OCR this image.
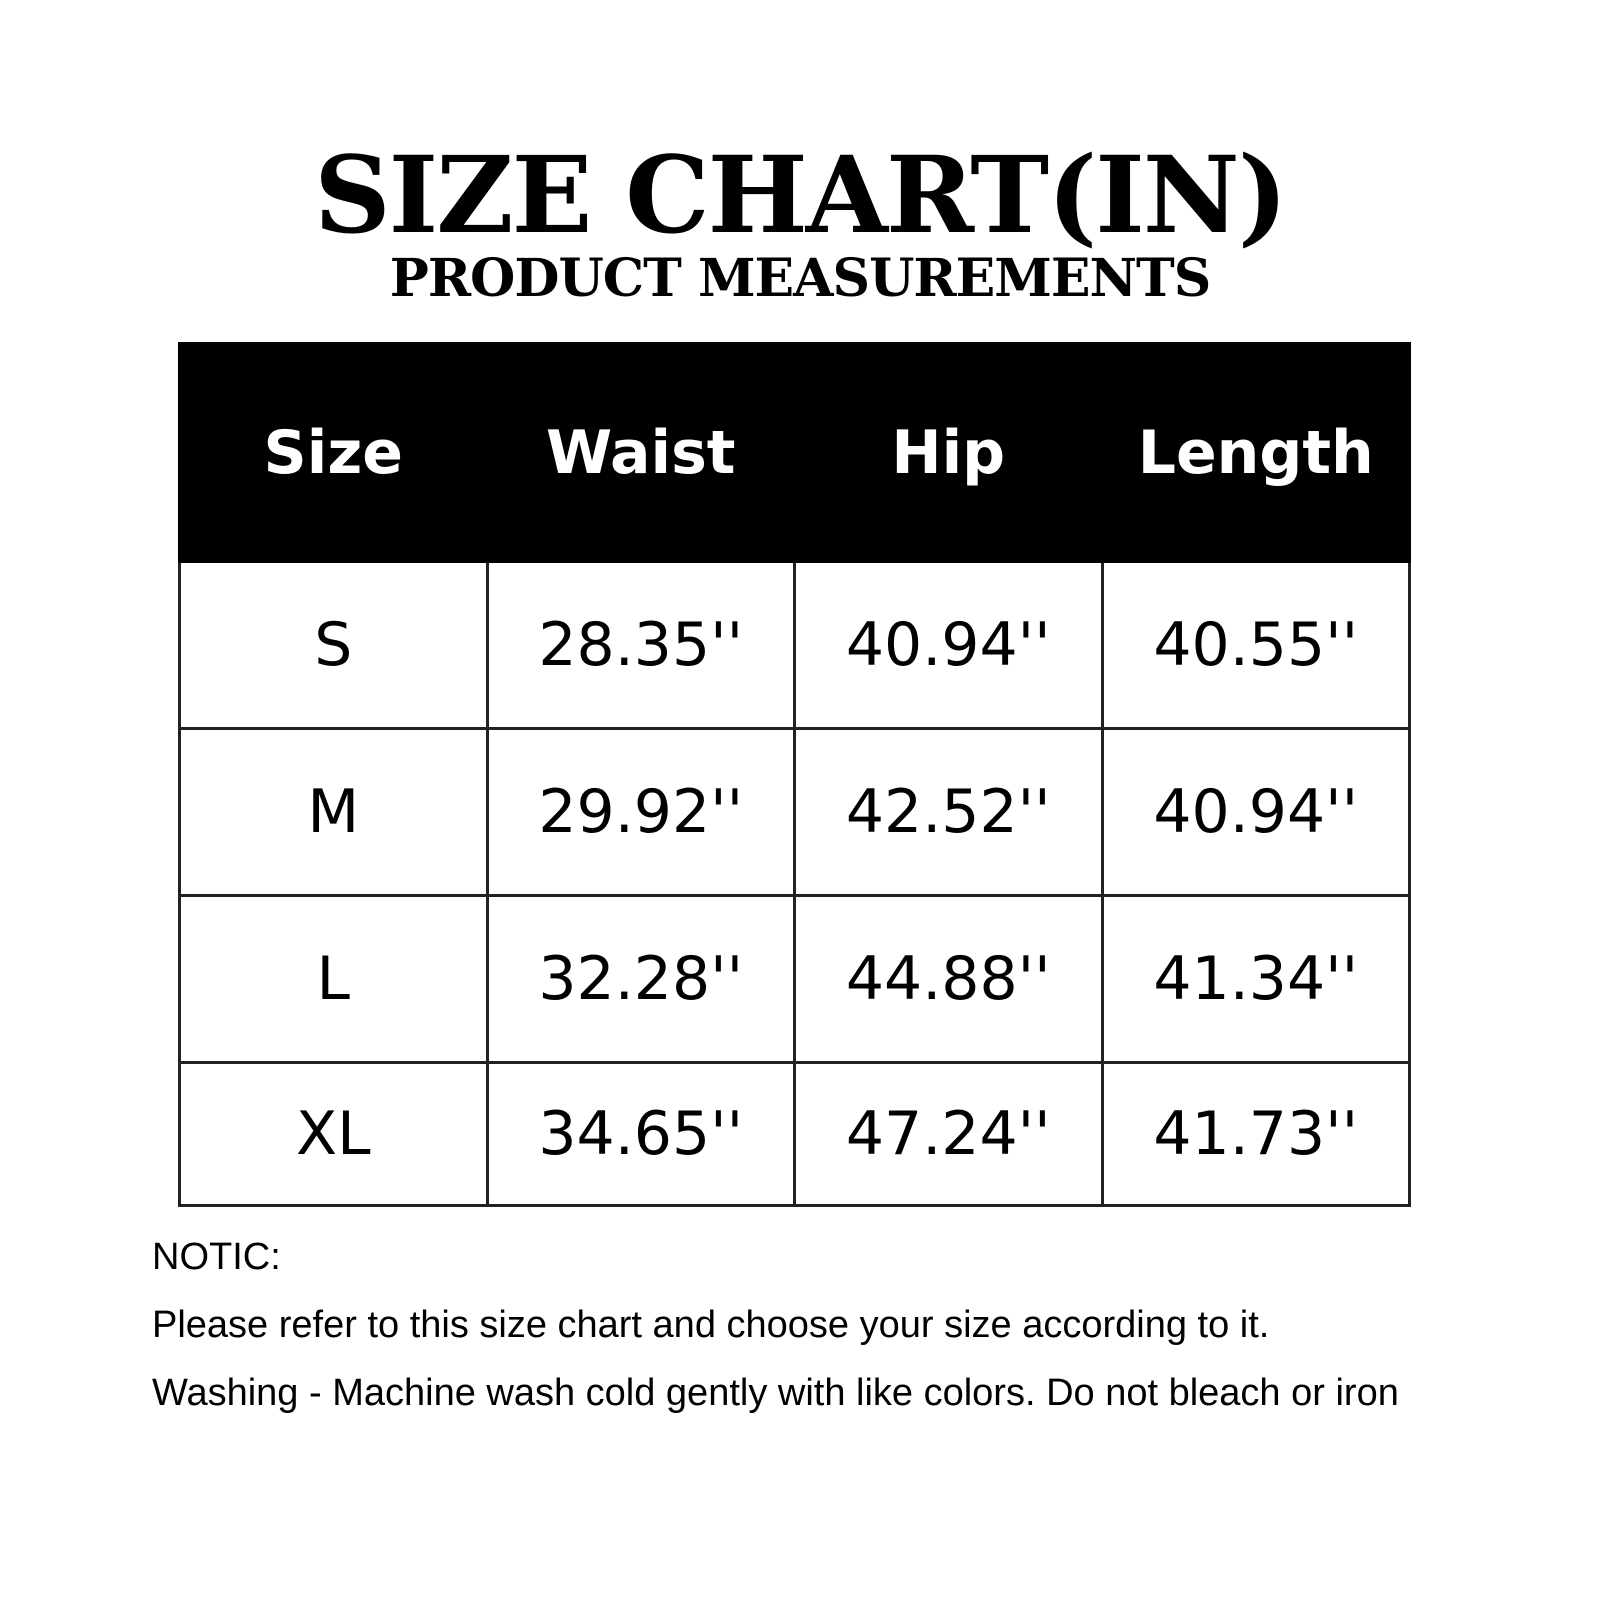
SIZE CHART(IN)
PRODUCT MEASUREMENTS
Size	Waist	Hip	Length
S	28.35''	40.94''	40.55''
M	29.92''	42.52''	40.94''
L	32.28''	44.88''	41.34''
XL	34.65''	47.24''	41.73''
NOTIC:
Please refer to this size chart and choose your size according to it.
Washing - Machine wash cold gently with like colors. Do not bleach or iron
